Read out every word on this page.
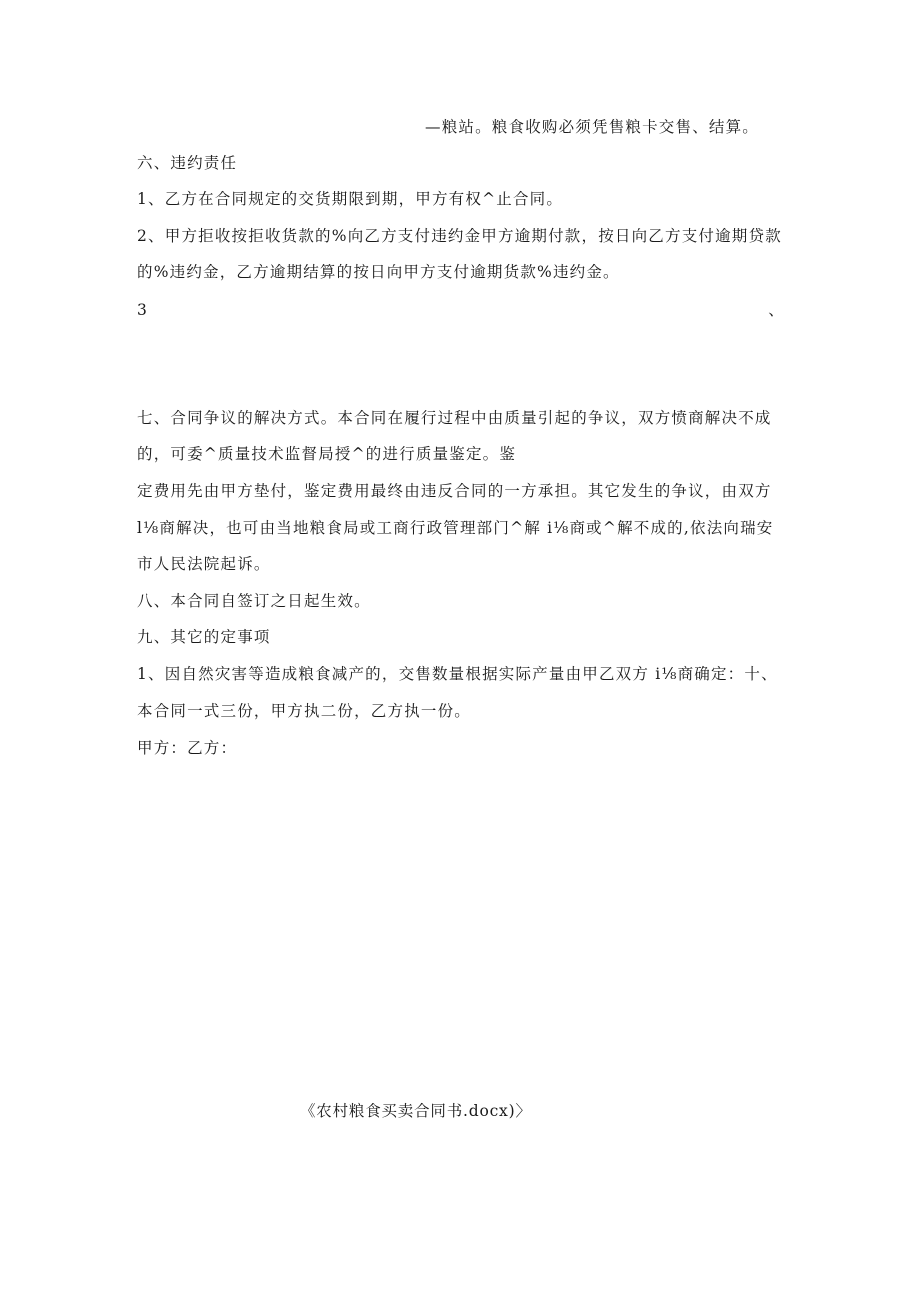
—粮站。粮食收购必须凭售粮卡交售、结算。
六、违约责任
1、乙方在合同规定的交货期限到期，甲方有权^止合同。
2、甲方拒收按拒收货款的%向乙方支付违约金甲方逾期付款，按日向乙方支付逾期贷款
的%违约金，乙方逾期结算的按日向甲方支付逾期货款%违约金。
3	、
七、合同争议的解决方式。本合同在履行过程中由质量引起的争议，双方愤商解决不成
的，可委^质量技术监督局授^的进行质量鉴定。鉴
定费用先由甲方垫付，鉴定费用最终由违反合同的一方承担。其它发生的争议，由双方
l⅛商解决，也可由当地粮食局或工商行政管理部门^解 i⅛商或^解不成的,依法向瑞安
市人民法院起诉。
八、本合同自签订之日起生效。
九、其它的定事项
1、因自然灾害等造成粮食减产的，交售数量根据实际产量由甲乙双方 i⅛商确定：十、
本合同一式三份，甲方执二份，乙方执一份。
甲方：乙方：
《农村粮食买卖合同书.docx)〉
